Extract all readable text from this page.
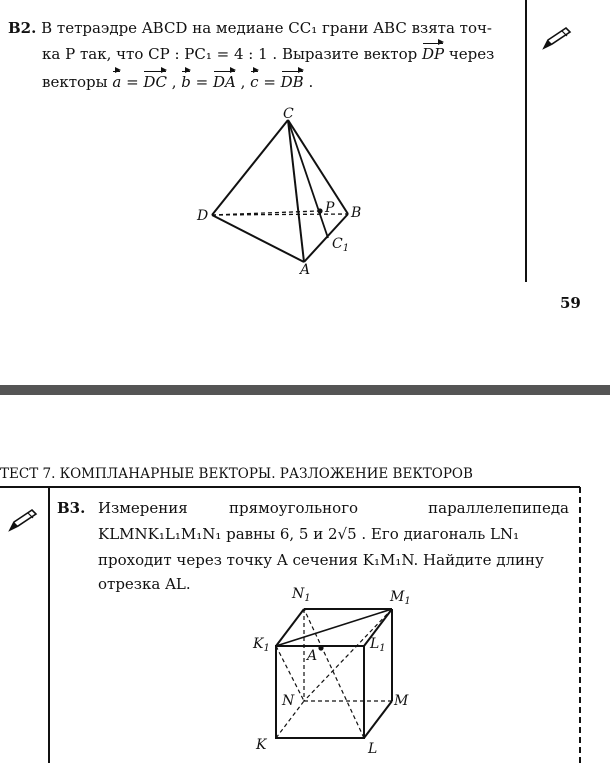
B2. В тетраэдре ABCD на медиане CC₁ грани ABC взята точ-
ка P так, что CP : PC₁ = 4 : 1 . Выразите вектор DP через
векторы a = DC , b = DA , c = DB .
C
D	B
P
$C_1$
A
59
ТЕСТ 7. КОМПЛАНАРНЫЕ ВЕКТОРЫ. РАЗЛОЖЕНИЕ ВЕКТОРОВ
B3. Измерения	прямоугольного	параллелепипеда
KLMNK₁L₁M₁N₁ равны 6, 5 и 2√5 . Его диагональ LN₁
проходит через точку A сечения K₁M₁N. Найдите длину
отрезка AL.
$N_1$	$M_1$
$K_1$	$L_1$
A
N	M
K	L
